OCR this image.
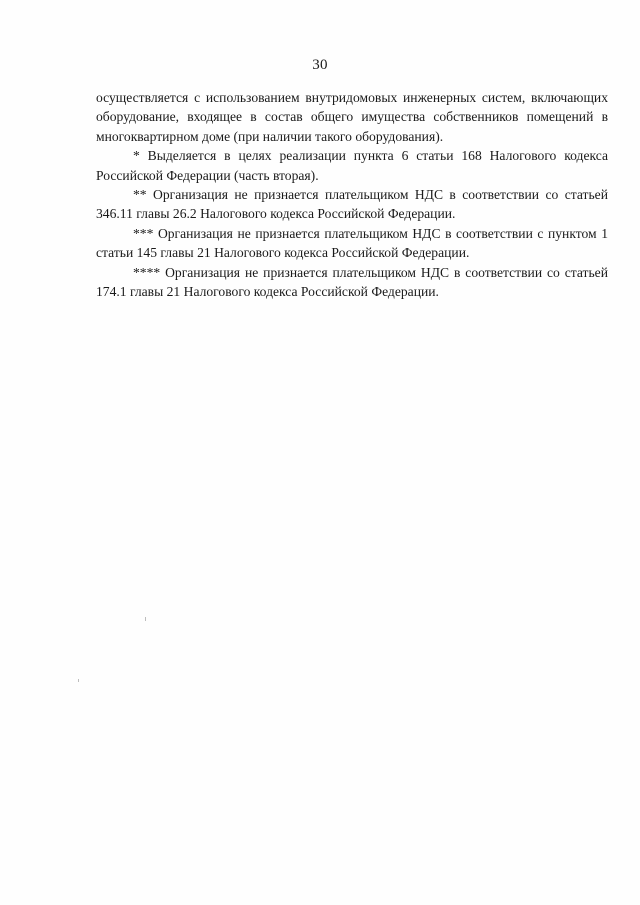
30

осуществляется с использованием внутридомовых инженерных систем, включающих оборудование, входящее в состав общего имущества собственников помещений в многоквартирном доме (при наличии такого оборудования).

* Выделяется в целях реализации пункта 6 статьи 168 Налогового кодекса Российской Федерации (часть вторая).

** Организация не признается плательщиком НДС в соответствии со статьей 346.11 главы 26.2 Налогового кодекса Российской Федерации.

*** Организация не признается плательщиком НДС в соответствии с пунктом 1 статьи 145 главы 21 Налогового кодекса Российской Федерации.

**** Организация не признается плательщиком НДС в соответствии со статьей 174.1 главы 21 Налогового кодекса Российской Федерации.
